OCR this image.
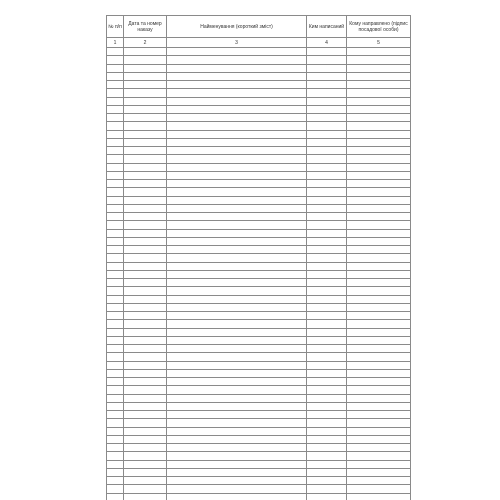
№ п/п	Дата та номер наказу	Найменування (короткий зміст)	Ким написаний	Кому направлено (підпис посадової особи)
1	2	3	4	5
